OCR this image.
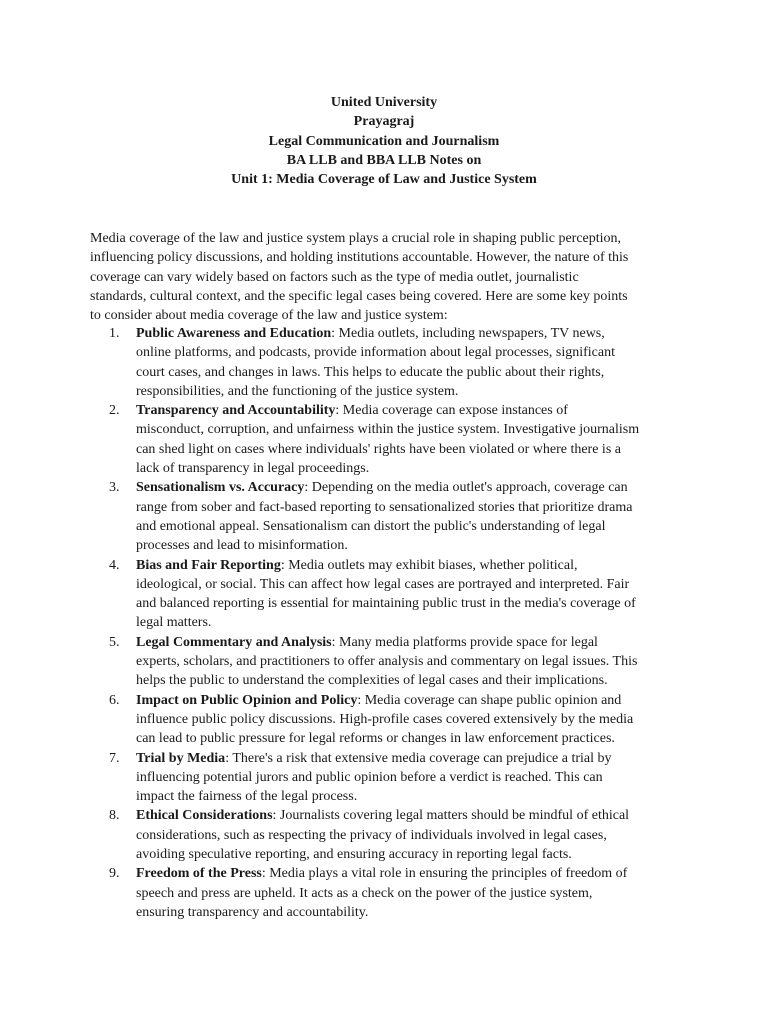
United University
Prayagraj
Legal Communication and Journalism
BA LLB and BBA LLB Notes on
Unit 1: Media Coverage of Law and Justice System
Media coverage of the law and justice system plays a crucial role in shaping public perception,
influencing policy discussions, and holding institutions accountable. However, the nature of this
coverage can vary widely based on factors such as the type of media outlet, journalistic
standards, cultural context, and the specific legal cases being covered. Here are some key points
to consider about media coverage of the law and justice system:
1. Public Awareness and Education: Media outlets, including newspapers, TV news,
online platforms, and podcasts, provide information about legal processes, significant
court cases, and changes in laws. This helps to educate the public about their rights,
responsibilities, and the functioning of the justice system.
2. Transparency and Accountability: Media coverage can expose instances of
misconduct, corruption, and unfairness within the justice system. Investigative journalism
can shed light on cases where individuals' rights have been violated or where there is a
lack of transparency in legal proceedings.
3. Sensationalism vs. Accuracy: Depending on the media outlet's approach, coverage can
range from sober and fact-based reporting to sensationalized stories that prioritize drama
and emotional appeal. Sensationalism can distort the public's understanding of legal
processes and lead to misinformation.
4. Bias and Fair Reporting: Media outlets may exhibit biases, whether political,
ideological, or social. This can affect how legal cases are portrayed and interpreted. Fair
and balanced reporting is essential for maintaining public trust in the media's coverage of
legal matters.
5. Legal Commentary and Analysis: Many media platforms provide space for legal
experts, scholars, and practitioners to offer analysis and commentary on legal issues. This
helps the public to understand the complexities of legal cases and their implications.
6. Impact on Public Opinion and Policy: Media coverage can shape public opinion and
influence public policy discussions. High-profile cases covered extensively by the media
can lead to public pressure for legal reforms or changes in law enforcement practices.
7. Trial by Media: There's a risk that extensive media coverage can prejudice a trial by
influencing potential jurors and public opinion before a verdict is reached. This can
impact the fairness of the legal process.
8. Ethical Considerations: Journalists covering legal matters should be mindful of ethical
considerations, such as respecting the privacy of individuals involved in legal cases,
avoiding speculative reporting, and ensuring accuracy in reporting legal facts.
9. Freedom of the Press: Media plays a vital role in ensuring the principles of freedom of
speech and press are upheld. It acts as a check on the power of the justice system,
ensuring transparency and accountability.
